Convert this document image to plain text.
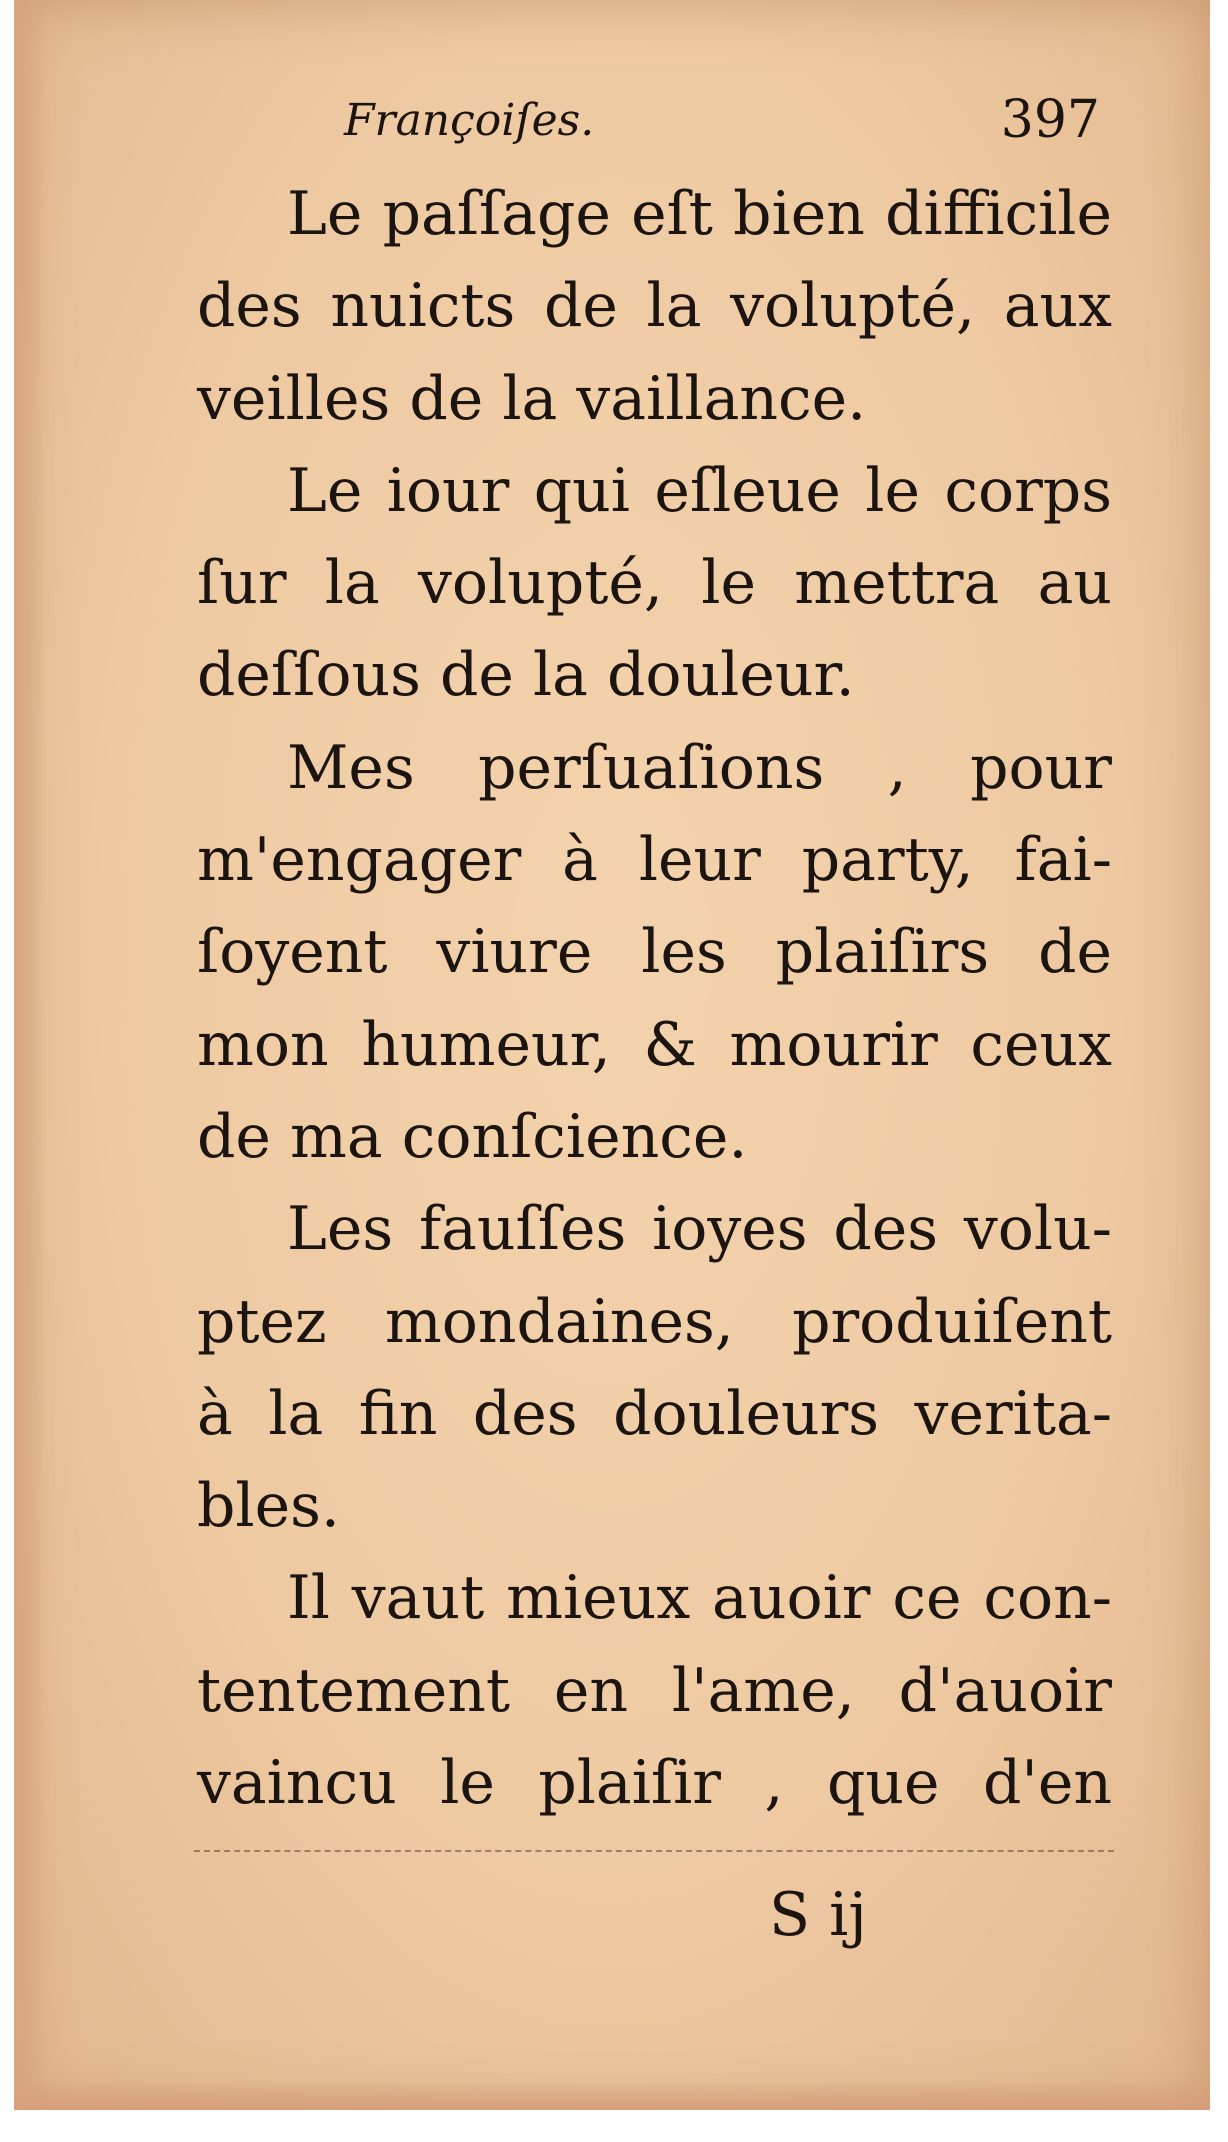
Françoiſes.	397
Le paſſage eſt bien difficile
des nuicts de la volupté, aux
veilles de la vaillance.
Le iour qui eſleue le corps
ſur la volupté, le mettra au
deſſous de la douleur.
Mes perſuaſions , pour
m'engager à leur party, fai-
ſoyent viure les plaiſirs de
mon humeur, & mourir ceux
de ma conſcience.
Les fauſſes ioyes des volu-
ptez mondaines, produiſent
à la fin des douleurs verita-
bles.
Il vaut mieux auoir ce con-
tentement en l'ame, d'auoir
vaincu le plaiſir , que d'en
S ij
